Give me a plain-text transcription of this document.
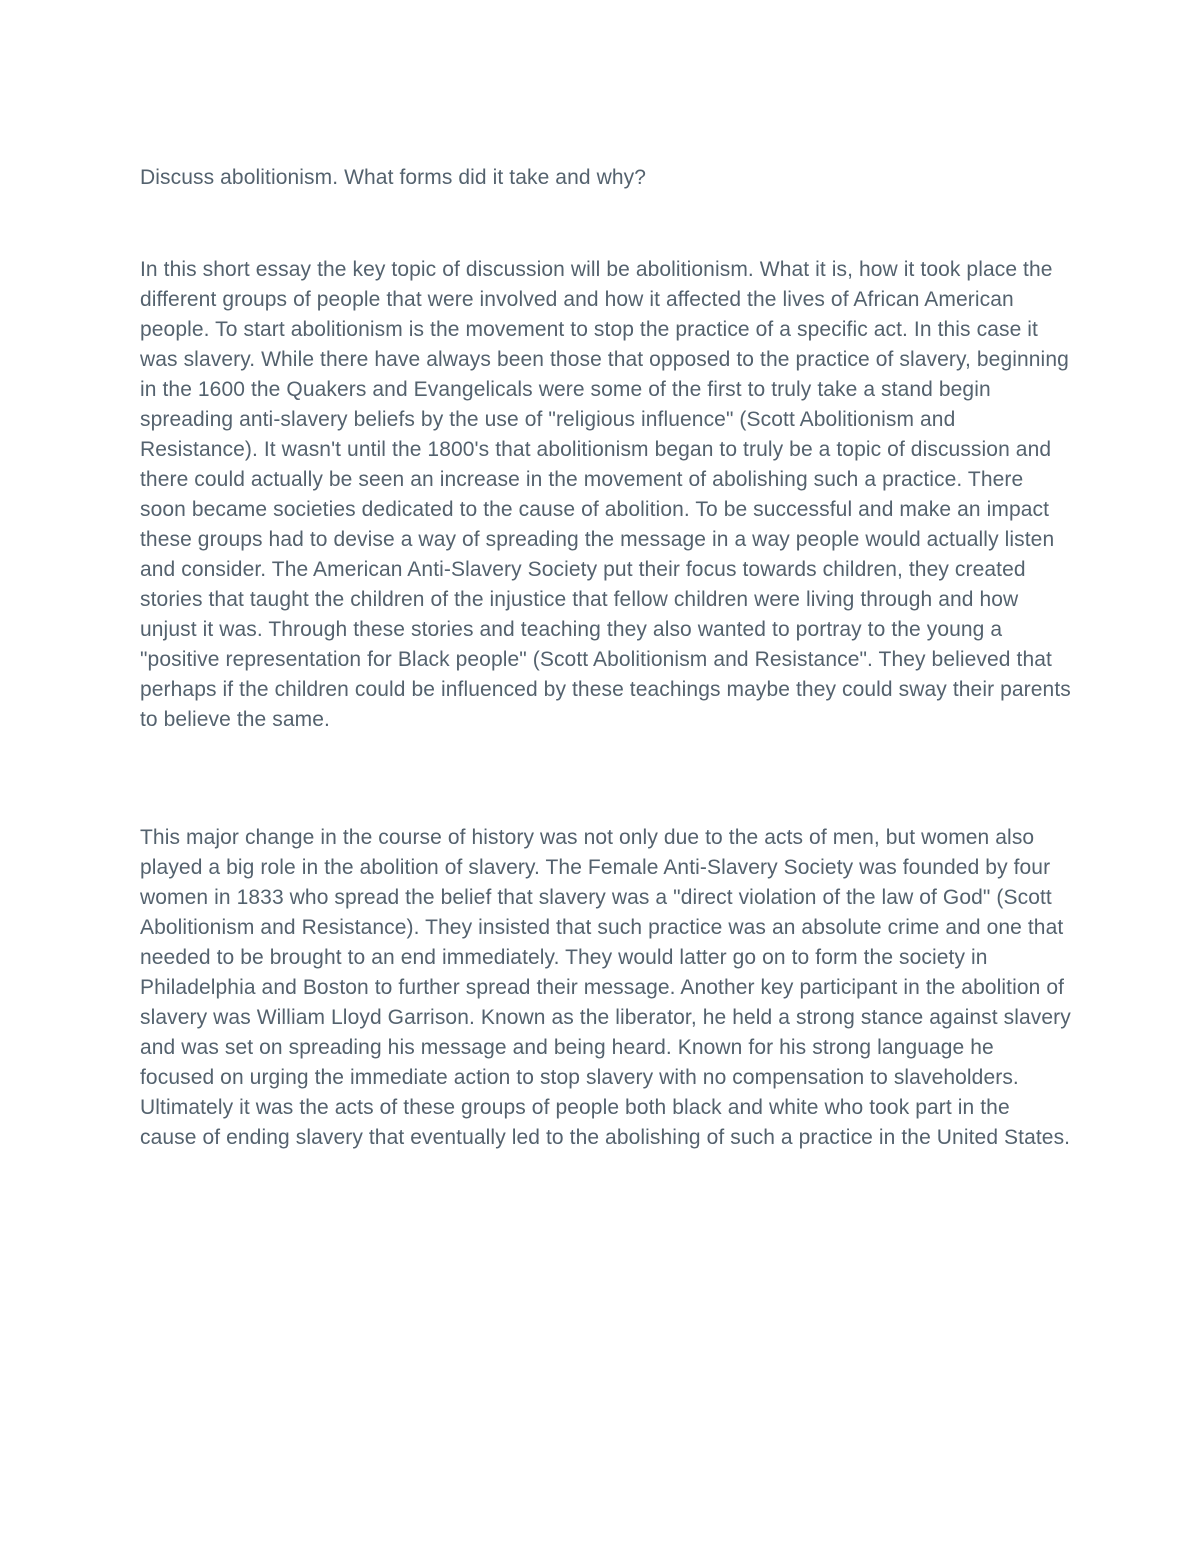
Discuss abolitionism. What forms did it take and why?

In this short essay the key topic of discussion will be abolitionism. What it is, how it took place the different groups of people that were involved and how it affected the lives of African American people. To start abolitionism is the movement to stop the practice of a specific act. In this case it was slavery. While there have always been those that opposed to the practice of slavery, beginning in the 1600 the Quakers and Evangelicals were some of the first to truly take a stand begin spreading anti-slavery beliefs by the use of "religious influence" (Scott Abolitionism and Resistance). It wasn't until the 1800's that abolitionism began to truly be a topic of discussion and there could actually be seen an increase in the movement of abolishing such a practice. There soon became societies dedicated to the cause of abolition. To be successful and make an impact these groups had to devise a way of spreading the message in a way people would actually listen and consider. The American Anti-Slavery Society put their focus towards children, they created stories that taught the children of the injustice that fellow children were living through and how unjust it was. Through these stories and teaching they also wanted to portray to the young a "positive representation for Black people" (Scott Abolitionism and Resistance". They believed that perhaps if the children could be influenced by these teachings maybe they could sway their parents to believe the same.

This major change in the course of history was not only due to the acts of men, but women also played a big role in the abolition of slavery. The Female Anti-Slavery Society was founded by four women in 1833 who spread the belief that slavery was a "direct violation of the law of God" (Scott Abolitionism and Resistance). They insisted that such practice was an absolute crime and one that needed to be brought to an end immediately. They would latter go on to form the society in Philadelphia and Boston to further spread their message. Another key participant in the abolition of slavery was William Lloyd Garrison. Known as the liberator, he held a strong stance against slavery and was set on spreading his message and being heard. Known for his strong language he focused on urging the immediate action to stop slavery with no compensation to slaveholders. Ultimately it was the acts of these groups of people both black and white who took part in the cause of ending slavery that eventually led to the abolishing of such a practice in the United States.
